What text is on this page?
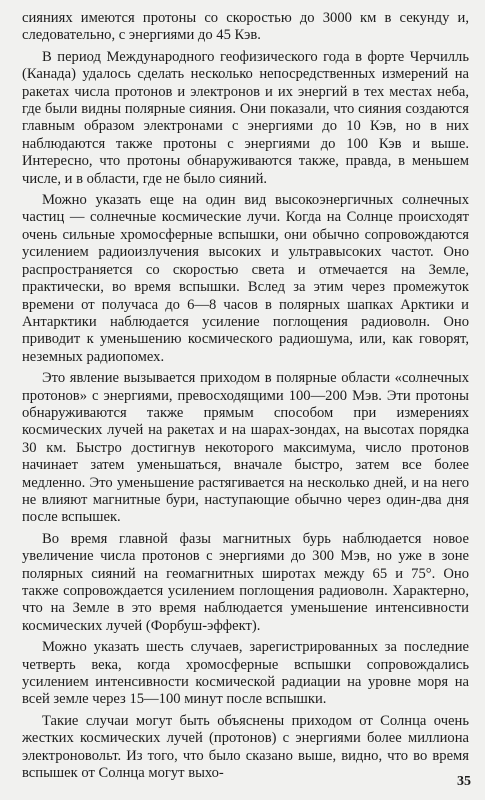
сияниях имеются протоны со скоростью до 3000 км в секунду и, следовательно, с энергиями до 45 Кэв.

В период Международного геофизического года в форте Черчилль (Канада) удалось сделать несколько непосредственных измерений на ракетах числа протонов и электронов и их энергий в тех местах неба, где были видны полярные сияния. Они показали, что сияния создаются главным образом электронами с энергиями до 10 Кэв, но в них наблюдаются также протоны с энергиями до 100 Кэв и выше. Интересно, что протоны обнаруживаются также, правда, в меньшем числе, и в области, где не было сияний.

Можно указать еще на один вид высокоэнергичных солнечных частиц — солнечные космические лучи. Когда на Солнце происходят очень сильные хромосферные вспышки, они обычно сопровождаются усилением радиоизлучения высоких и ультравысоких частот. Оно распространяется со скоростью света и отмечается на Земле, практически, во время вспышки. Вслед за этим через промежуток времени от получаса до 6—8 часов в полярных шапках Арктики и Антарктики наблюдается усиление поглощения радиоволн. Оно приводит к уменьшению космического радиошума, или, как говорят, неземных радиопомех.

Это явление вызывается приходом в полярные области «солнечных протонов» с энергиями, превосходящими 100—200 Мэв. Эти протоны обнаруживаются также прямым способом при измерениях космических лучей на ракетах и на шарах-зондах, на высотах порядка 30 км. Быстро достигнув некоторого максимума, число протонов начинает затем уменьшаться, вначале быстро, затем все более медленно. Это уменьшение растягивается на несколько дней, и на него не влияют магнитные бури, наступающие обычно через один-два дня после вспышек.

Во время главной фазы магнитных бурь наблюдается новое увеличение числа протонов с энергиями до 300 Мэв, но уже в зоне полярных сияний на геомагнитных широтах между 65 и 75°. Оно также сопровождается усилением поглощения радиоволн. Характерно, что на Земле в это время наблюдается уменьшение интенсивности космических лучей (Форбуш-эффект).

Можно указать шесть случаев, зарегистрированных за последние четверть века, когда хромосферные вспышки сопровождались усилением интенсивности космической радиации на уровне моря на всей земле через 15—100 минут после вспышки.

Такие случаи могут быть объяснены приходом от Солнца очень жестких космических лучей (протонов) с энергиями более миллиона электроновольт. Из того, что было сказано выше, видно, что во время вспышек от Солнца могут выхо-

35
